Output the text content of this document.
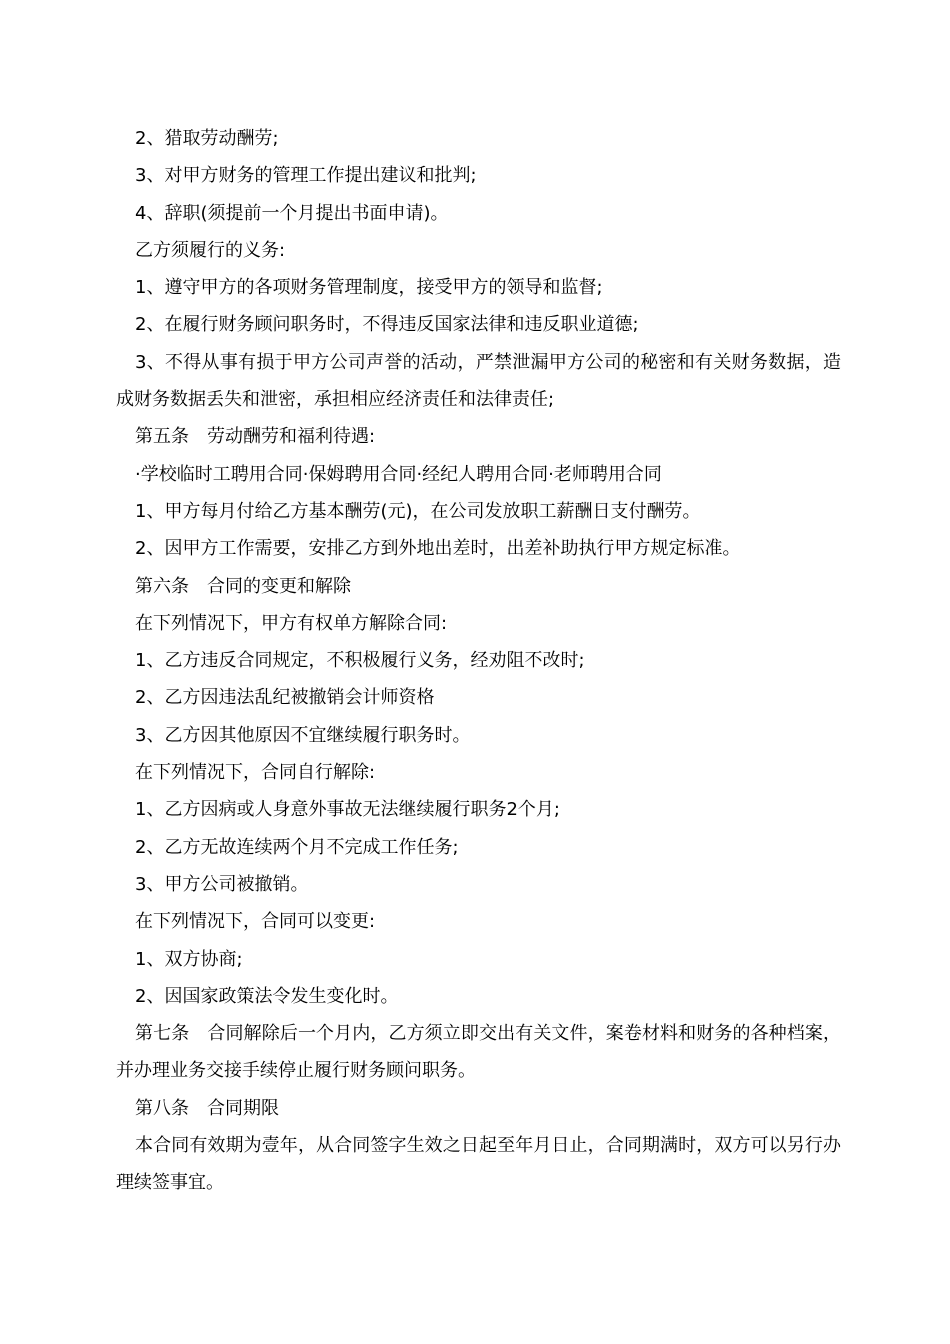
2、猎取劳动酬劳;

3、对甲方财务的管理工作提出建议和批判;

4、辞职(须提前一个月提出书面申请)。

乙方须履行的义务:

1、遵守甲方的各项财务管理制度，接受甲方的领导和监督;

2、在履行财务顾问职务时，不得违反国家法律和违反职业道德;

3、不得从事有损于甲方公司声誉的活动，严禁泄漏甲方公司的秘密和有关财务数据，造成财务数据丢失和泄密，承担相应经济责任和法律责任;

第五条　劳动酬劳和福利待遇:

·学校临时工聘用合同·保姆聘用合同·经纪人聘用合同·老师聘用合同

1、甲方每月付给乙方基本酬劳(元)，在公司发放职工薪酬日支付酬劳。

2、因甲方工作需要，安排乙方到外地出差时，出差补助执行甲方规定标准。

第六条　合同的变更和解除

在下列情况下，甲方有权单方解除合同:

1、乙方违反合同规定，不积极履行义务，经劝阻不改时;

2、乙方因违法乱纪被撤销会计师资格

3、乙方因其他原因不宜继续履行职务时。

在下列情况下，合同自行解除:

1、乙方因病或人身意外事故无法继续履行职务2个月;

2、乙方无故连续两个月不完成工作任务;

3、甲方公司被撤销。

在下列情况下，合同可以变更:

1、双方协商;

2、因国家政策法令发生变化时。

第七条　合同解除后一个月内，乙方须立即交出有关文件，案卷材料和财务的各种档案，并办理业务交接手续停止履行财务顾问职务。

第八条　合同期限

本合同有效期为壹年，从合同签字生效之日起至年月日止，合同期满时，双方可以另行办理续签事宜。
